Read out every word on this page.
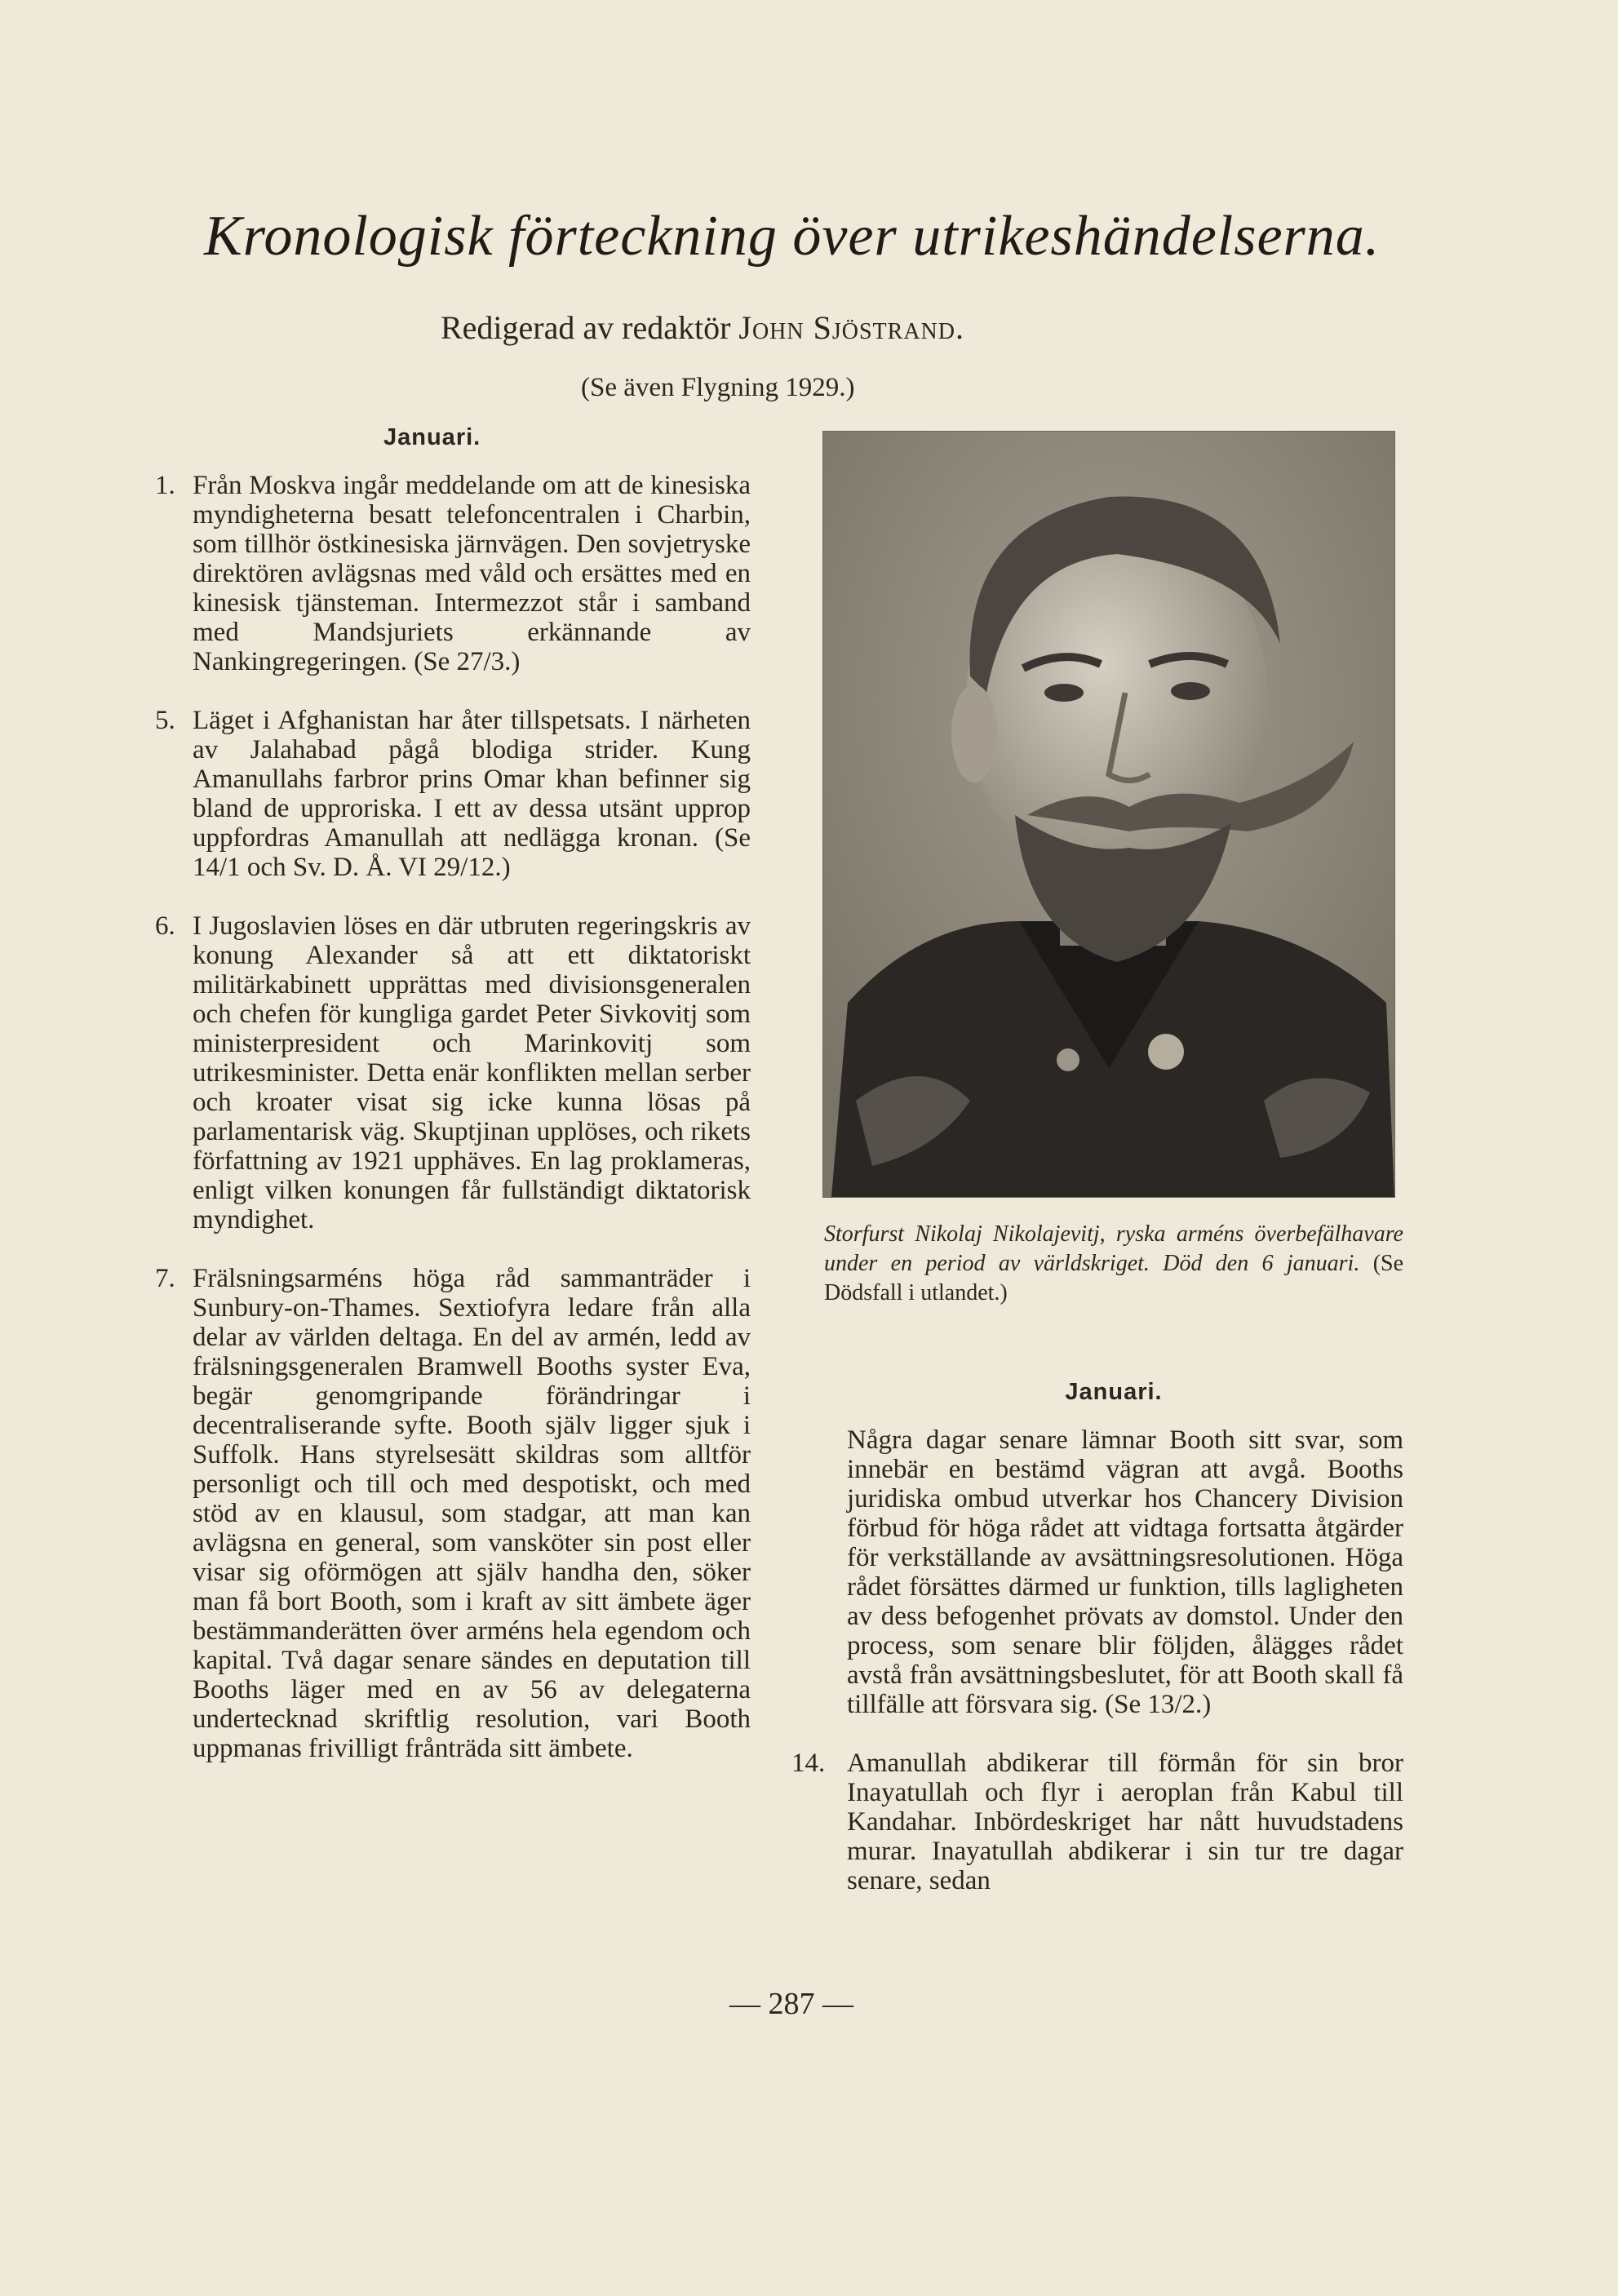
Kronologisk förteckning över utrikeshändelserna.
Redigerad av redaktör John Sjöstrand.
(Se även Flygning 1929.)
Januari.
1. Från Moskva ingår meddelande om att de kinesiska myndigheterna besatt telefoncentralen i Charbin, som tillhör östkinesiska järnvägen. Den sovjetryske direktören avlägsnas med våld och ersättes med en kinesisk tjänsteman. Intermezzot står i samband med Mandsjuriets erkännande av Nankingregeringen. (Se 27/3.)
5. Läget i Afghanistan har åter tillspetsats. I närheten av Jalahabad pågå blodiga strider. Kung Amanullahs farbror prins Omar khan befinner sig bland de upproriska. I ett av dessa utsänt upprop uppfordras Amanullah att nedlägga kronan. (Se 14/1 och Sv. D. Å. VI 29/12.)
6. I Jugoslavien löses en där utbruten regeringskris av konung Alexander så att ett diktatoriskt militärkabinett upprättas med divisionsgeneralen och chefen för kungliga gardet Peter Sivkovitj som ministerpresident och Marinkovitj som utrikesminister. Detta enär konflikten mellan serber och kroater visat sig icke kunna lösas på parlamentarisk väg. Skuptjinan upplöses, och rikets författning av 1921 upphäves. En lag proklameras, enligt vilken konungen får fullständigt diktatorisk myndighet.
7. Frälsningsarméns höga råd sammanträder i Sunbury-on-Thames. Sextiofyra ledare från alla delar av världen deltaga. En del av armén, ledd av frälsningsgeneralen Bramwell Booths syster Eva, begär genomgripande förändringar i decentraliserande syfte. Booth själv ligger sjuk i Suffolk. Hans styrelsesätt skildras som alltför personligt och till och med despotiskt, och med stöd av en klausul, som stadgar, att man kan avlägsna en general, som vansköter sin post eller visar sig oförmögen att själv handha den, söker man få bort Booth, som i kraft av sitt ämbete äger bestämmanderätten över arméns hela egendom och kapital. Två dagar senare sändes en deputation till Booths läger med en av 56 av delegaterna undertecknad skriftlig resolution, vari Booth uppmanas frivilligt frånträda sitt ämbete.
Storfurst Nikolaj Nikolajevitj, ryska arméns överbefälhavare under en period av världskriget. Död den 6 januari. (Se Dödsfall i utlandet.)
Januari.
Några dagar senare lämnar Booth sitt svar, som innebär en bestämd vägran att avgå. Booths juridiska ombud utverkar hos Chancery Division förbud för höga rådet att vidtaga fortsatta åtgärder för verkställande av avsättningsresolutionen. Höga rådet försättes därmed ur funktion, tills lagligheten av dess befogenhet prövats av domstol. Under den process, som senare blir följden, ålägges rådet avstå från avsättningsbeslutet, för att Booth skall få tillfälle att försvara sig. (Se 13/2.)
14. Amanullah abdikerar till förmån för sin bror Inayatullah och flyr i aeroplan från Kabul till Kandahar. Inbördeskriget har nått huvudstadens murar. Inayatullah abdikerar i sin tur tre dagar senare, sedan
— 287 —
